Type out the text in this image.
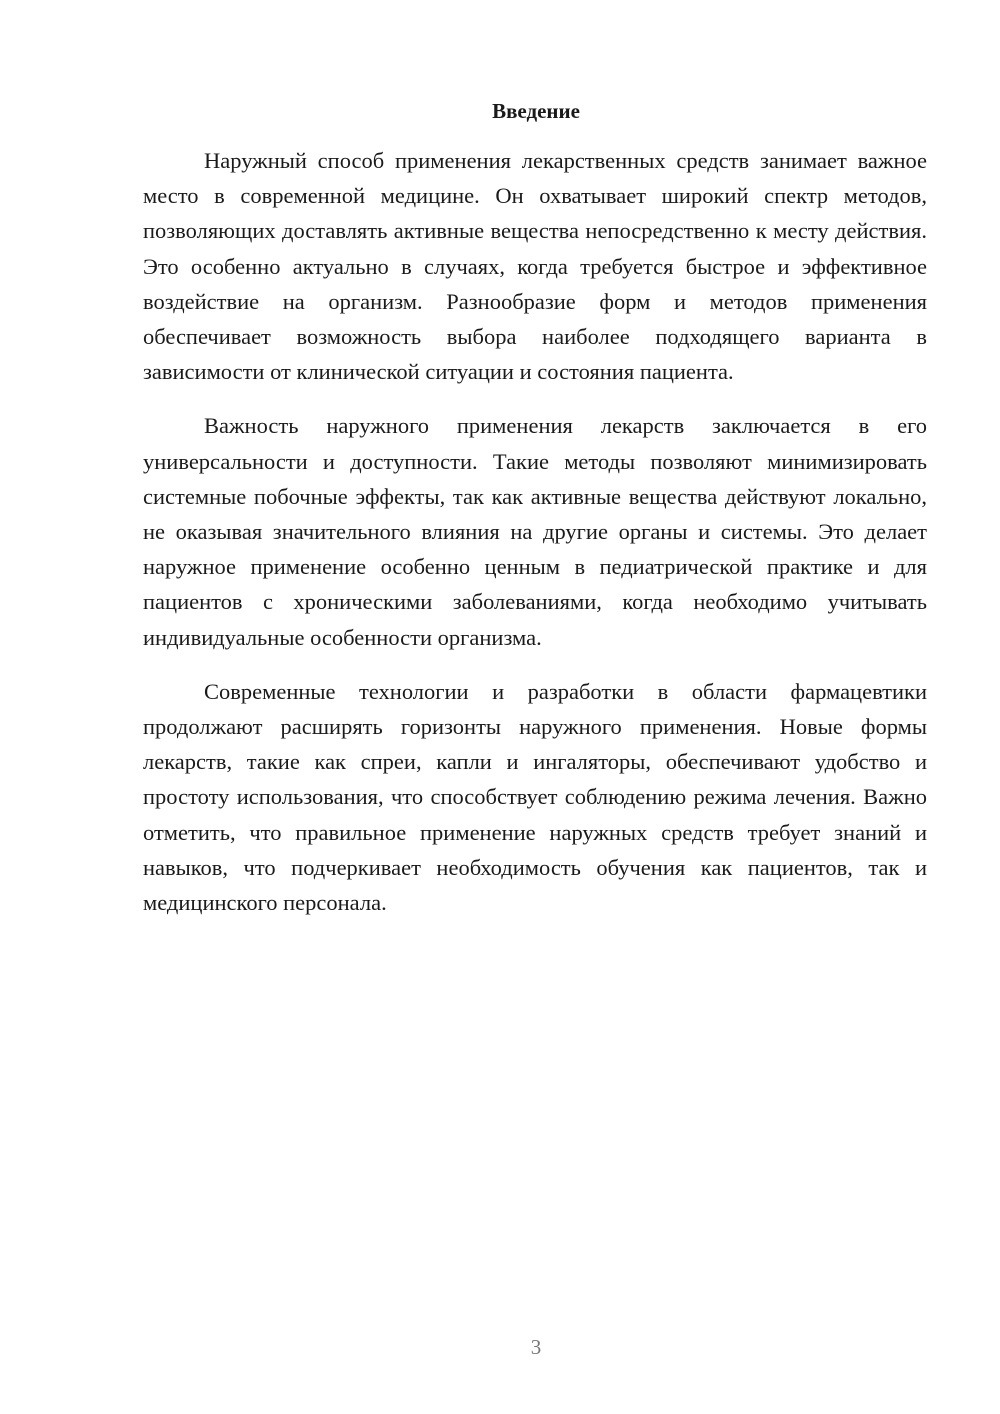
Введение

Наружный способ применения лекарственных средств занимает важное место в современной медицине. Он охватывает широкий спектр методов, позволяющих доставлять активные вещества непосредственно к месту действия. Это особенно актуально в случаях, когда требуется быстрое и эффективное воздействие на организм. Разнообразие форм и методов применения обеспечивает возможность выбора наиболее подходящего варианта в зависимости от клинической ситуации и состояния пациента.

Важность наружного применения лекарств заключается в его универсальности и доступности. Такие методы позволяют минимизировать системные побочные эффекты, так как активные вещества действуют локально, не оказывая значительного влияния на другие органы и системы. Это делает наружное применение особенно ценным в педиатрической практике и для пациентов с хроническими заболеваниями, когда необходимо учитывать индивидуальные особенности организма.

Современные технологии и разработки в области фармацевтики продолжают расширять горизонты наружного применения. Новые формы лекарств, такие как спреи, капли и ингаляторы, обеспечивают удобство и простоту использования, что способствует соблюдению режима лечения. Важно отметить, что правильное применение наружных средств требует знаний и навыков, что подчеркивает необходимость обучения как пациентов, так и медицинского персонала.

3
